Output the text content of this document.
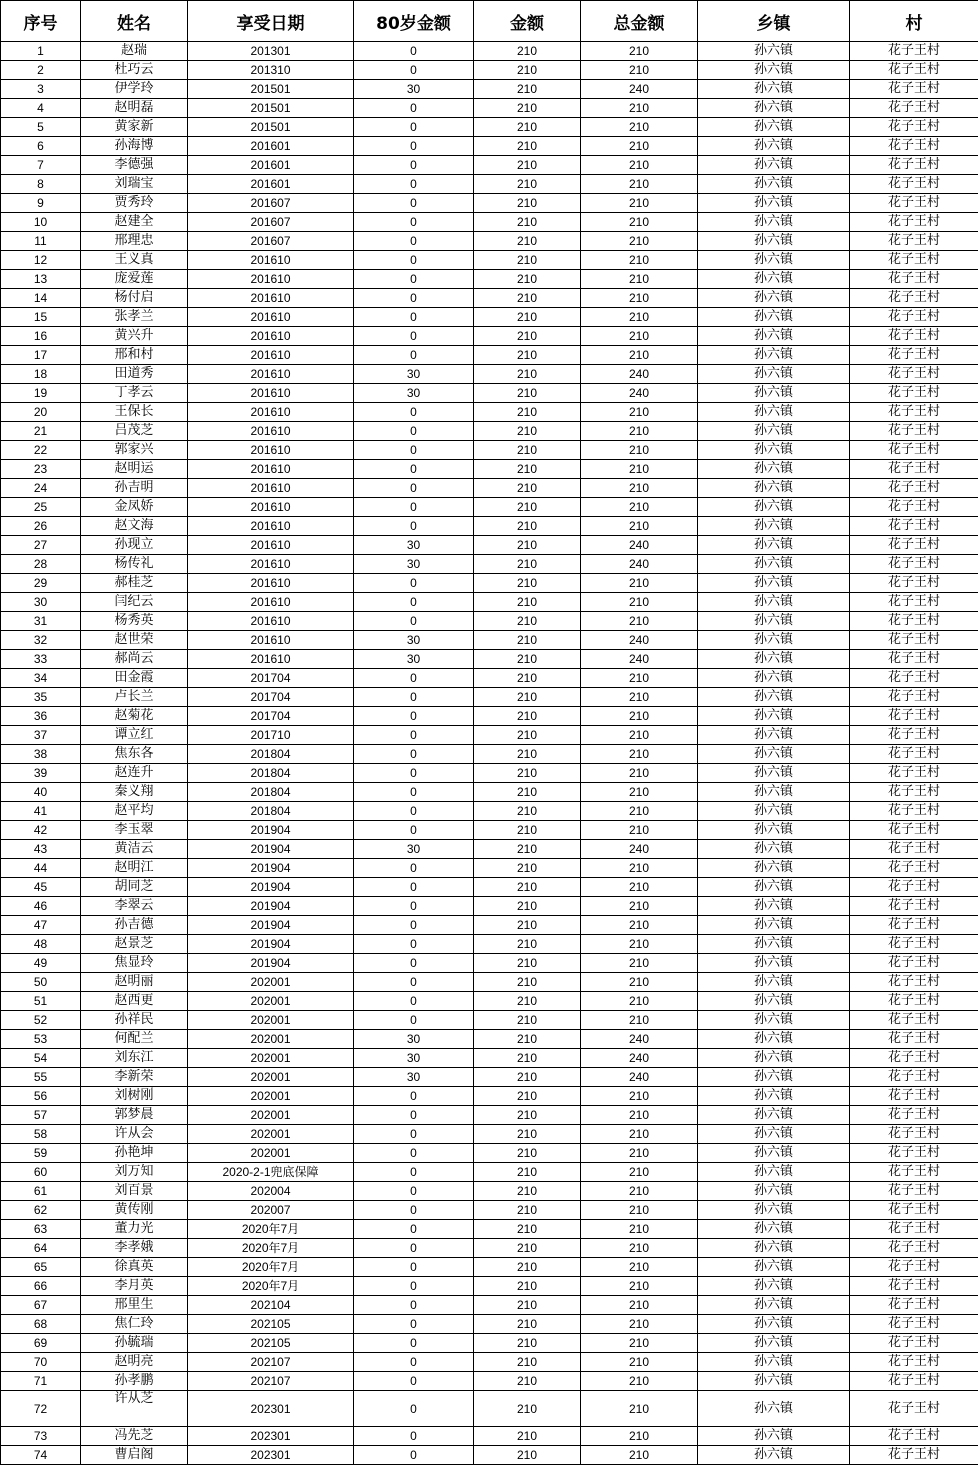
序号	姓名	享受日期	80岁金额	金额	总金额	乡镇	村
1	赵瑞	201301	0	210	210	孙六镇	花子王村
2	杜巧云	201310	0	210	210	孙六镇	花子王村
3	伊学玲	201501	30	210	240	孙六镇	花子王村
4	赵明磊	201501	0	210	210	孙六镇	花子王村
5	黄家新	201501	0	210	210	孙六镇	花子王村
6	孙海博	201601	0	210	210	孙六镇	花子王村
7	李德强	201601	0	210	210	孙六镇	花子王村
8	刘瑞宝	201601	0	210	210	孙六镇	花子王村
9	贾秀玲	201607	0	210	210	孙六镇	花子王村
10	赵建全	201607	0	210	210	孙六镇	花子王村
11	邢理忠	201607	0	210	210	孙六镇	花子王村
12	王义真	201610	0	210	210	孙六镇	花子王村
13	庞爱莲	201610	0	210	210	孙六镇	花子王村
14	杨付启	201610	0	210	210	孙六镇	花子王村
15	张孝兰	201610	0	210	210	孙六镇	花子王村
16	黄兴升	201610	0	210	210	孙六镇	花子王村
17	邢和村	201610	0	210	210	孙六镇	花子王村
18	田道秀	201610	30	210	240	孙六镇	花子王村
19	丁孝云	201610	30	210	240	孙六镇	花子王村
20	王保长	201610	0	210	210	孙六镇	花子王村
21	吕茂芝	201610	0	210	210	孙六镇	花子王村
22	郭家兴	201610	0	210	210	孙六镇	花子王村
23	赵明运	201610	0	210	210	孙六镇	花子王村
24	孙吉明	201610	0	210	210	孙六镇	花子王村
25	金凤娇	201610	0	210	210	孙六镇	花子王村
26	赵文海	201610	0	210	210	孙六镇	花子王村
27	孙现立	201610	30	210	240	孙六镇	花子王村
28	杨传礼	201610	30	210	240	孙六镇	花子王村
29	郝桂芝	201610	0	210	210	孙六镇	花子王村
30	闫纪云	201610	0	210	210	孙六镇	花子王村
31	杨秀英	201610	0	210	210	孙六镇	花子王村
32	赵世荣	201610	30	210	240	孙六镇	花子王村
33	郝尚云	201610	30	210	240	孙六镇	花子王村
34	田金霞	201704	0	210	210	孙六镇	花子王村
35	卢长兰	201704	0	210	210	孙六镇	花子王村
36	赵菊花	201704	0	210	210	孙六镇	花子王村
37	谭立红	201710	0	210	210	孙六镇	花子王村
38	焦东各	201804	0	210	210	孙六镇	花子王村
39	赵连升	201804	0	210	210	孙六镇	花子王村
40	秦义翔	201804	0	210	210	孙六镇	花子王村
41	赵平均	201804	0	210	210	孙六镇	花子王村
42	李玉翠	201904	0	210	210	孙六镇	花子王村
43	黄洁云	201904	30	210	240	孙六镇	花子王村
44	赵明江	201904	0	210	210	孙六镇	花子王村
45	胡同芝	201904	0	210	210	孙六镇	花子王村
46	李翠云	201904	0	210	210	孙六镇	花子王村
47	孙吉德	201904	0	210	210	孙六镇	花子王村
48	赵景芝	201904	0	210	210	孙六镇	花子王村
49	焦显玲	201904	0	210	210	孙六镇	花子王村
50	赵明丽	202001	0	210	210	孙六镇	花子王村
51	赵西更	202001	0	210	210	孙六镇	花子王村
52	孙祥民	202001	0	210	210	孙六镇	花子王村
53	何配兰	202001	30	210	240	孙六镇	花子王村
54	刘东江	202001	30	210	240	孙六镇	花子王村
55	李新荣	202001	30	210	240	孙六镇	花子王村
56	刘树刚	202001	0	210	210	孙六镇	花子王村
57	郭梦晨	202001	0	210	210	孙六镇	花子王村
58	许从会	202001	0	210	210	孙六镇	花子王村
59	孙艳坤	202001	0	210	210	孙六镇	花子王村
60	刘万知	2020-2-1兜底保障	0	210	210	孙六镇	花子王村
61	刘百景	202004	0	210	210	孙六镇	花子王村
62	黄传刚	202007	0	210	210	孙六镇	花子王村
63	董力光	2020年7月	0	210	210	孙六镇	花子王村
64	李孝娥	2020年7月	0	210	210	孙六镇	花子王村
65	徐真英	2020年7月	0	210	210	孙六镇	花子王村
66	李月英	2020年7月	0	210	210	孙六镇	花子王村
67	邢里生	202104	0	210	210	孙六镇	花子王村
68	焦仁玲	202105	0	210	210	孙六镇	花子王村
69	孙毓瑞	202105	0	210	210	孙六镇	花子王村
70	赵明亮	202107	0	210	210	孙六镇	花子王村
71	孙孝鹏	202107	0	210	210	孙六镇	花子王村
72	许从芝	202301	0	210	210	孙六镇	花子王村
73	冯先芝	202301	0	210	210	孙六镇	花子王村
74	曹启阁	202301	0	210	210	孙六镇	花子王村
